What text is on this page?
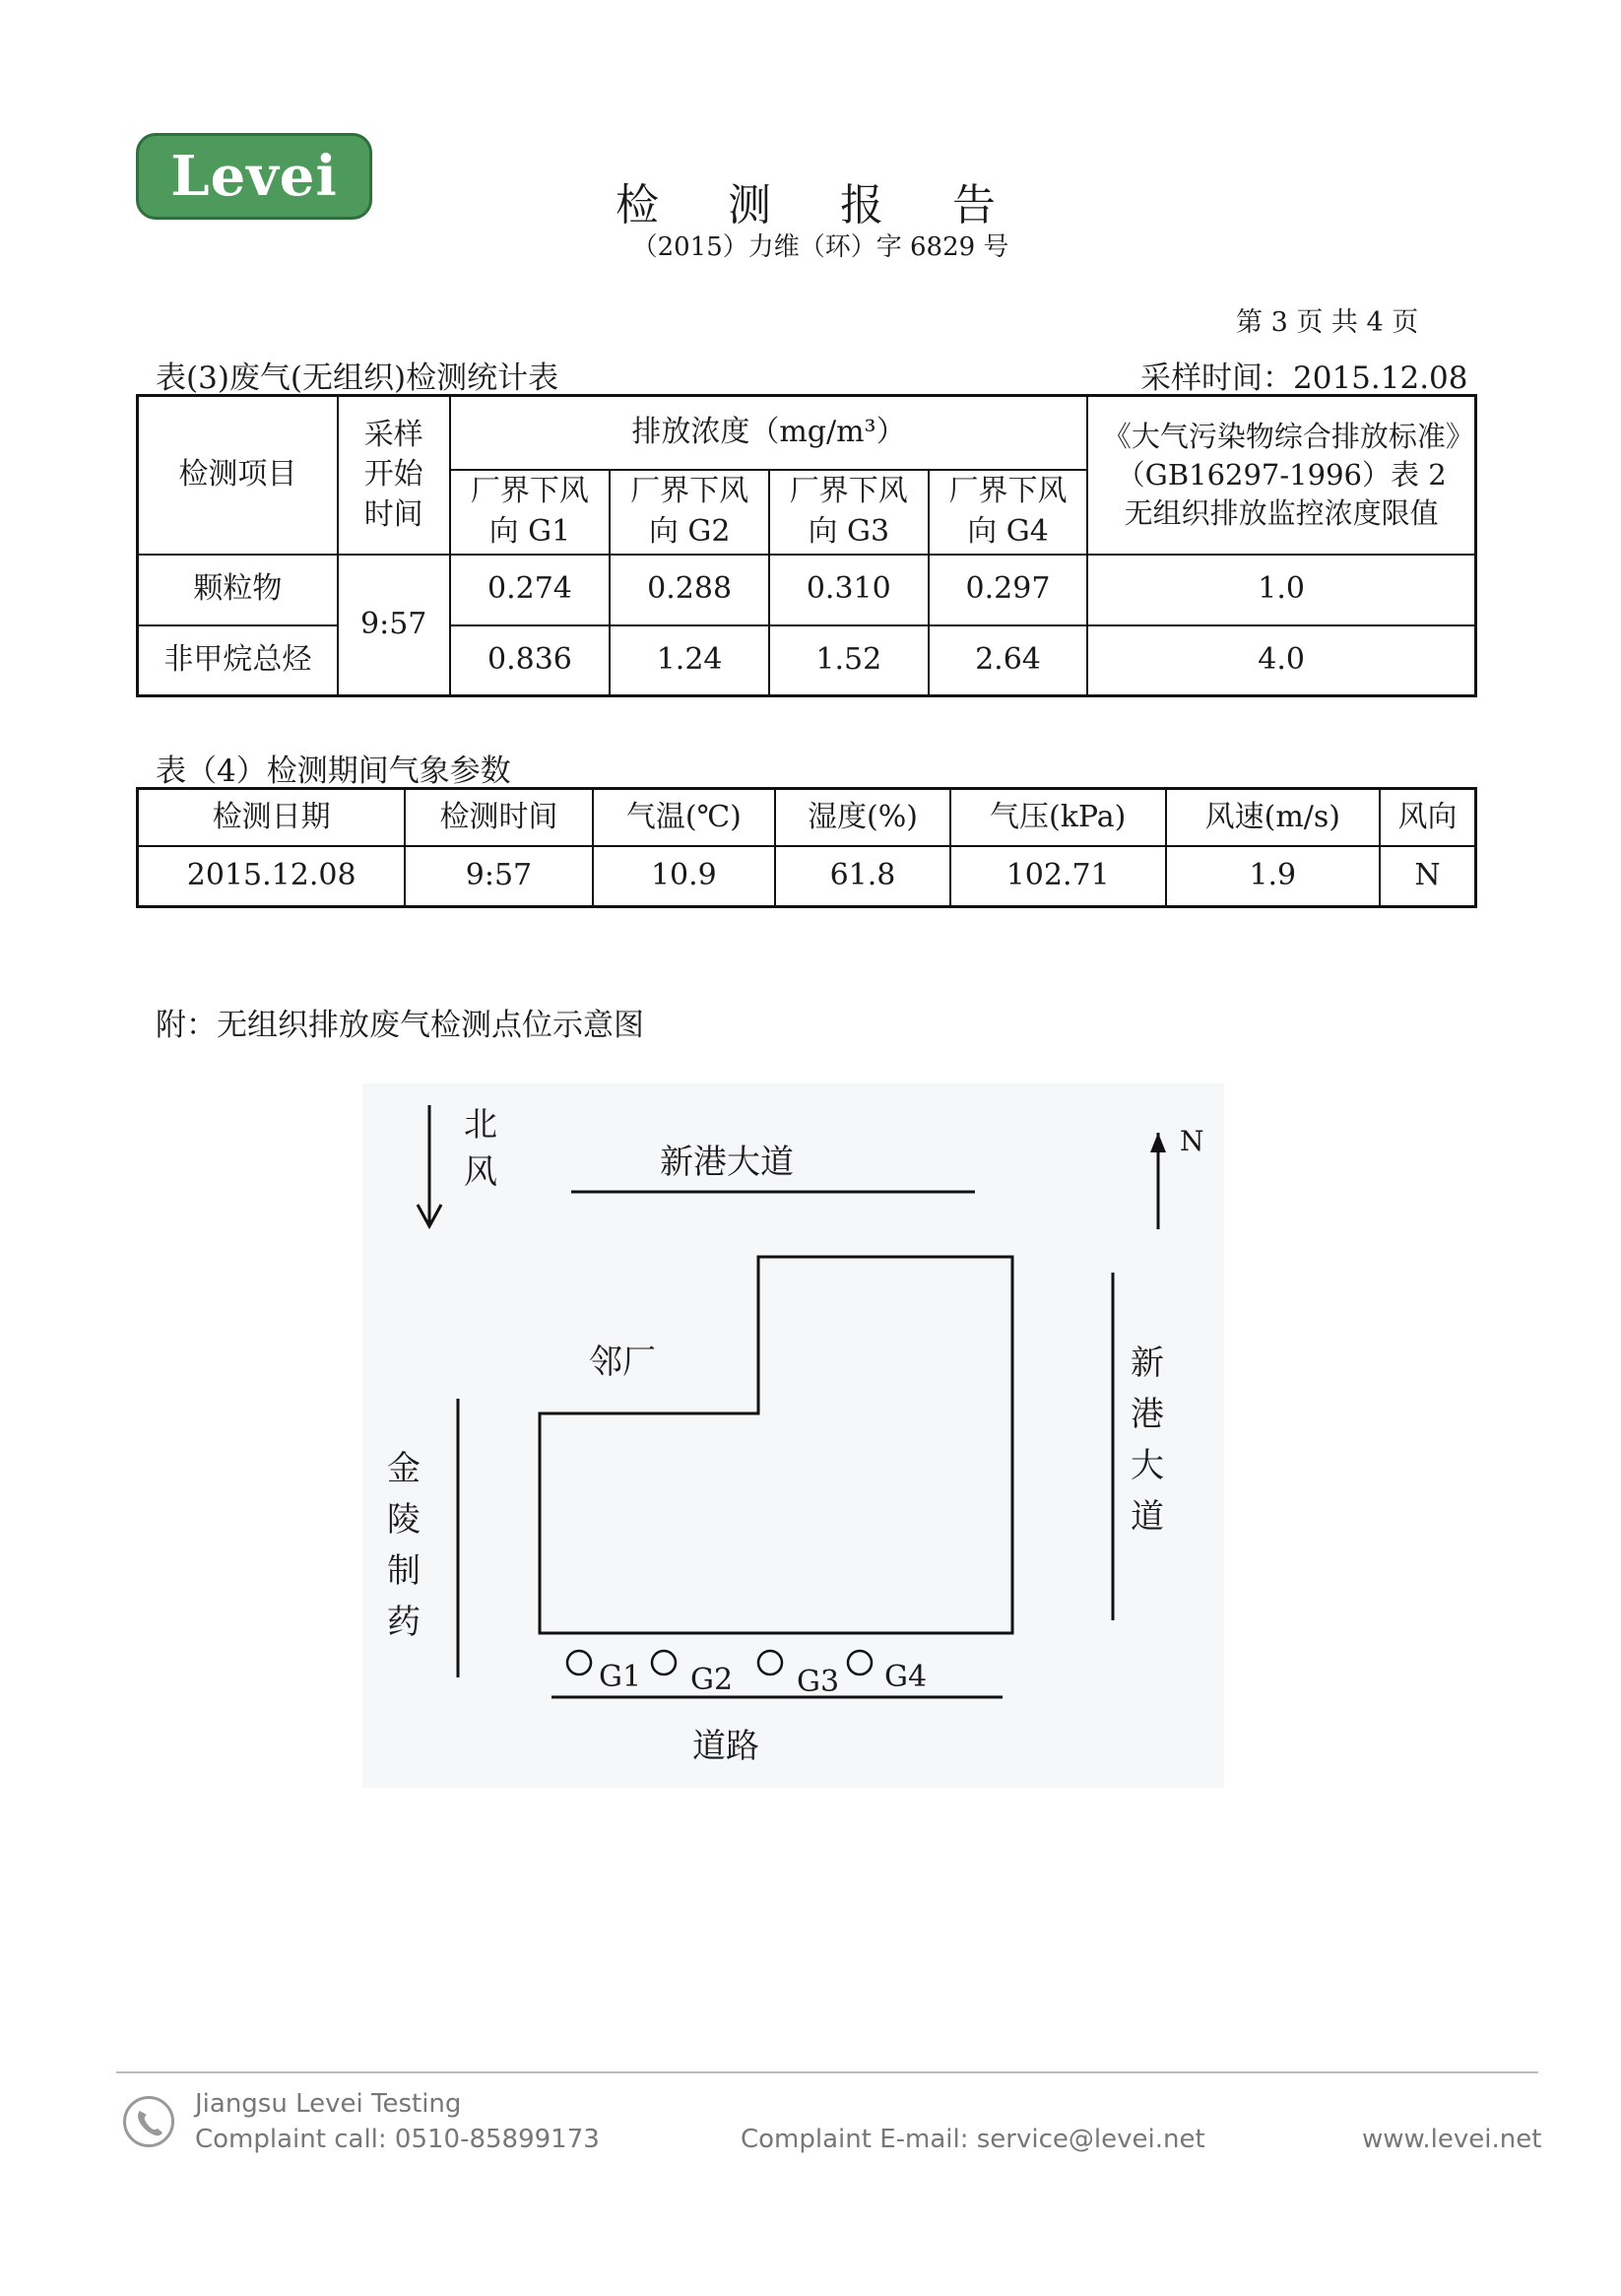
Levei	检测报告
（2015）力维（环）字 6829 号
第 3 页 共 4 页
表(3)废气(无组织)检测统计表	采样时间：2015.12.08
检测项目	采样开始时间	排放浓度（mg/m³）				《大气污染物综合排放标准》（GB16297-1996）表 2 无组织排放监控浓度限值
		厂界下风向 G1	厂界下风向 G2	厂界下风向 G3	厂界下风向 G4	
颗粒物	9:57	0.274	0.288	0.310	0.297	1.0
非甲烷总烃		0.836	1.24	1.52	2.64	4.0
表（4）检测期间气象参数
检测日期	检测时间	气温(℃)	湿度(%)	气压(kPa)	风速(m/s)	风向
2015.12.08	9:57	10.9	61.8	102.71	1.9	N
附：无组织排放废气检测点位示意图
北风
N
新港大道
邻厂
金陵制药
新港大道
G1 G2 G3 G4
道路
Jiangsu Levei Testing
Complaint call: 0510-85899173	Complaint E-mail: service@levei.net	www.levei.net
